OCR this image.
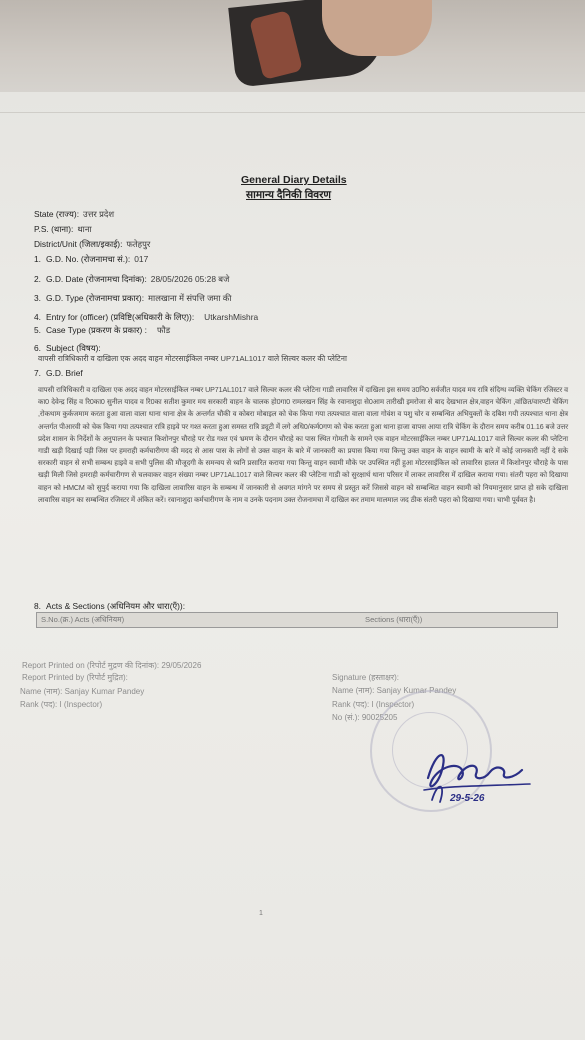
General Diary Details
सामान्य दैनिकी विवरण
State (राज्य): उत्तर प्रदेश
P.S. (थाना): थाना
District/Unit (जिला/इकाई): फतेहपुर
1. G.D. No. (रोजनामचा सं.): 017
2. G.D. Date (रोजनामचा दिनांक): 28/05/2026 05:28 बजे
3. G.D. Type (रोजनामचा प्रकार): मालखाना में संपत्ति जमा की
4. Entry for (officer) (प्रविष्टि(अधिकारी के लिए)): UtkarshMishra
5. Case Type (प्रकरण के प्रकार) : फौड
6. Subject (विषय):
वापसी रात्रिधिकारी व दाखिला एक अदद वाहन मोटरसाईकिल नम्बर UP71AL1017 वाले सिल्वर कलर की प्लेटिना
7. G.D. Brief
वापसी रात्रिधिकारी व दाखिला एक अदद वाहन मोटरसाईकिल नम्बर UP71AL1017 वाले सिल्वर कलर की प्लेटिना गाडी लावारिस में दाखिला इस समय उ0नि0 सर्वजीत यादव मय रात्रि संदिग्ध व्यक्ति चेकिंग रजिस्टर व का0 देवेन्द्र सिंह व रि0का0 सुनील यादव व रि0का सतीश कुमार मय सरकारी वाहन के चालक हो0गा0 रामलखन सिंह के रवानाशुदा से0आम तारीखी इमरोजा से बाद देखभाल क्षेत्र,वाहन चेकिंग ,वांछित/वारण्टी चेकिंग ,रोकथाम कुर्कजमाम करता हुआ वाला वाला थाना थाना क्षेत्र के अन्तर्गत चौकी व कोबरा मोबाइल को चेक किया गया तत्पश्चात वाला वाला गोवंश व पशु चोर व सम्बन्धित अभियुक्तों के दबिश गयी तत्पश्चात थाना क्षेत्र अन्तर्गत पीआरवी को चेक किया गया तत्पश्चात रात्रि हाइवे पर गश्त करता हुआ समस्त रात्रि ड्यूटी में लगे अधि0/कर्म0गण को चेक करता हुआ थाना हाजा वापस आया रात्रि चेकिंग के दौरान समय करीब 01.16 बजे उत्तर प्रदेश शासन के निर्देशों के अनुपालन के पश्चात किशोनपुर चौराहे पर रोड गश्त एवं भ्रमण के दौरान चौराहे का पास स्थित गोमती के सामने एक वाहन मोटरसाईकिल नम्बर UP71AL1017 वाले सिल्वर कलर की प्लेटिना गाडी खड़ी दिखाई पड़ी जिस पर हमराही कर्मचारीगण की मदद से आस पास के लोगों से उक्त वाहन के बारे में जानकारी का प्रयास किया गया किन्तु उक्त वाहन के वाहन स्वामी के बारे में कोई जानकारी नहीं दे सके सरकारी वाहन से सभी सम्बन्ध हाइवे व सभी पुलिस की मौजूदगी के समन्वय से ध्वनि प्रसारित कराया गया किन्तु वाहन स्वामी मौके पर उपस्थित नहीं हुआ मोटरसाईकिल को लावारिस हालत में किशोनपुर चौराहे के पास खड़ी मिली जिसे हमराही कर्मचारीगण से चलवाकर वाहन संख्या नम्बर UP71AL1017 वाले सिल्वर कलर की प्लेटिना गाडी को सुरक्षार्थ थाना परिसर में लाकर लावारिस में दाखिल कराया गया। संतरी पहरा को दिखाया वाहन को HMCM को सुपुर्द कराया गया कि दाखिला लावारिस वाहन के सम्बन्ध में जानकारी से अवगत मांगने पर समय से प्रस्तुत करें जिससे वाहन को सम्बन्धित वाहन स्वामी को नियमानुसार प्राप्त हो सके दाखिला लावारिस वाहन का सम्बन्धित रजिस्टर में अंकित करें। रवानाशुदा कर्मचारीगण के नाम व उनके पदनाम उक्त रोजनामचा में दाखिल कर तमाम मालमाल जद ठीक संतरी पहरा को दिखाया गया। चाभी पूर्ववत है।
8. Acts & Sections (अधिनियम और धारा(एँ)):
S.No.(क्र.) Acts (अधिनियम)	Sections (धारा(एँ))
Report Printed on (रिपोर्ट मुद्रण की दिनांक): 29/05/2026
Report Printed by (रिपोर्ट मुद्रित):
Name (नाम): Sanjay Kumar Pandey
Rank (पद): I (Inspector)
Signature (हस्ताक्षर):
Name (नाम): Sanjay Kumar Pandey
Rank (पद): I (Inspector)
No (सं.): 90025205
29-5-26
1
